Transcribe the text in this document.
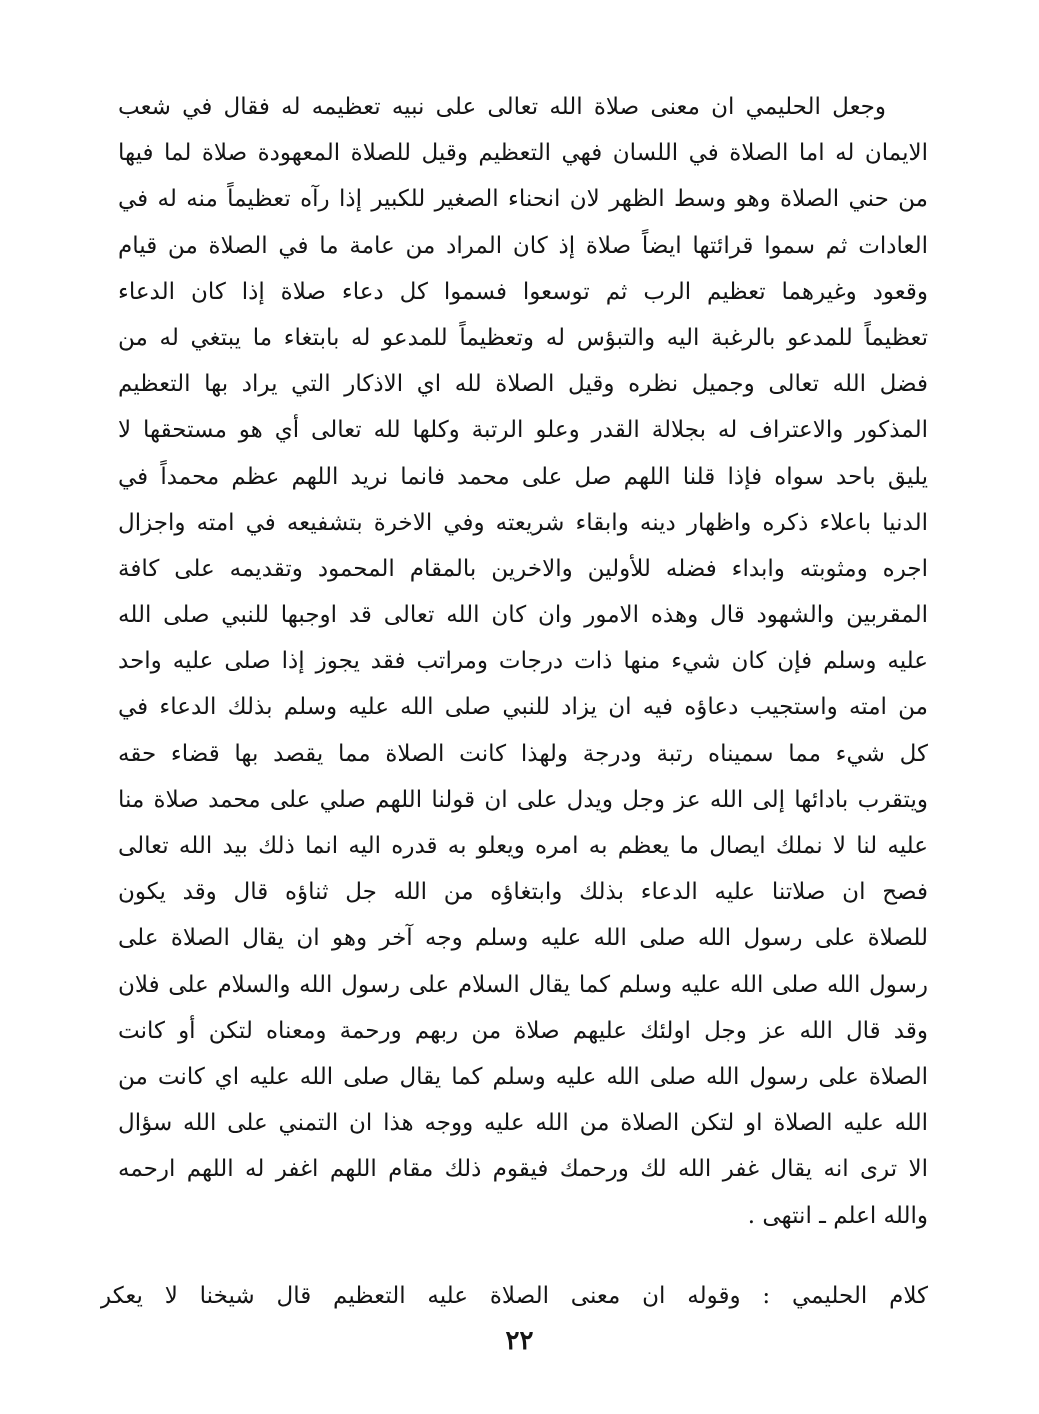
وجعل الحليمي ان معنى صلاة الله تعالى على نبيه تعظيمه له فقال في شعب
الايمان له اما الصلاة في اللسان فهي التعظيم وقيل للصلاة المعهودة صلاة لما فيها
من حني الصلاة وهو وسط الظهر لان انحناء الصغير للكبير إذا رآه تعظيماً منه له في
العادات ثم سموا قرائتها ايضاً صلاة إذ كان المراد من عامة ما في الصلاة من قيام
وقعود وغيرهما تعظيم الرب ثم توسعوا فسموا كل دعاء صلاة إذا كان الدعاء
تعظيماً للمدعو بالرغبة اليه والتبؤس له وتعظيماً للمدعو له بابتغاء ما يبتغي له من
فضل الله تعالى وجميل نظره وقيل الصلاة لله اي الاذكار التي يراد بها التعظيم
المذكور والاعتراف له بجلالة القدر وعلو الرتبة وكلها لله تعالى أي هو مستحقها لا
يليق باحد سواه فإذا قلنا اللهم صل على محمد فانما نريد اللهم عظم محمداً في
الدنيا باعلاء ذكره واظهار دينه وابقاء شريعته وفي الاخرة بتشفيعه في امته واجزال
اجره ومثوبته وابداء فضله للأولين والاخرين بالمقام المحمود وتقديمه على كافة
المقربين والشهود قال وهذه الامور وان كان الله تعالى قد اوجبها للنبي صلى الله
عليه وسلم فإن كان شيء منها ذات درجات ومراتب فقد يجوز إذا صلى عليه واحد
من امته واستجيب دعاؤه فيه ان يزاد للنبي صلى الله عليه وسلم بذلك الدعاء في
كل شيء مما سميناه رتبة ودرجة ولهذا كانت الصلاة مما يقصد بها قضاء حقه
ويتقرب بادائها إلى الله عز وجل ويدل على ان قولنا اللهم صلي على محمد صلاة منا
عليه لنا لا نملك ايصال ما يعظم به امره ويعلو به قدره اليه انما ذلك بيد الله تعالى
فصح ان صلاتنا عليه الدعاء بذلك وابتغاؤه من الله جل ثناؤه قال وقد يكون
للصلاة على رسول الله صلى الله عليه وسلم وجه آخر وهو ان يقال الصلاة على
رسول الله صلى الله عليه وسلم كما يقال السلام على رسول الله والسلام على فلان
وقد قال الله عز وجل اولئك عليهم صلاة من ربهم ورحمة ومعناه لتكن أو كانت
الصلاة على رسول الله صلى الله عليه وسلم كما يقال صلى الله عليه اي كانت من
الله عليه الصلاة او لتكن الصلاة من الله عليه ووجه هذا ان التمني على الله سؤال
الا ترى انه يقال غفر الله لك ورحمك فيقوم ذلك مقام اللهم اغفر له اللهم ارحمه
والله اعلم ـ انتهى .
كلام الحليمي : وقوله ان معنى الصلاة عليه التعظيم قال شيخنا لا يعكر
٢٢
